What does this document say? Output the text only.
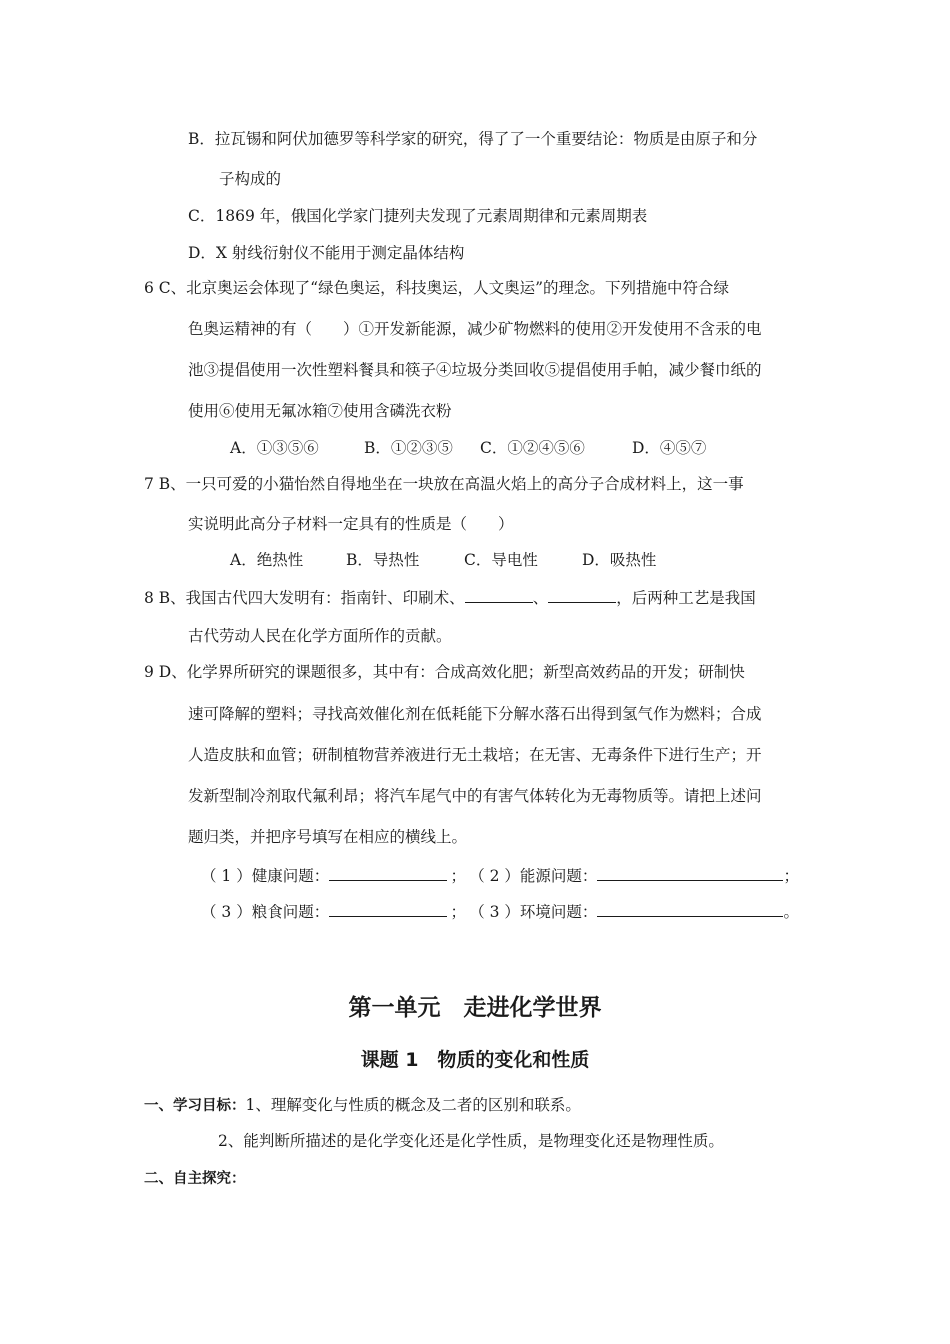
B．拉瓦锡和阿伏加德罗等科学家的研究，得了了一个重要结论：物质是由原子和分
子构成的
C．1869 年，俄国化学家门捷列夫发现了元素周期律和元素周期表
D．X 射线衍射仪不能用于测定晶体结构
6 C、北京奥运会体现了“绿色奥运，科技奥运，人文奥运”的理念。下列措施中符合绿
色奥运精神的有（　　）①开发新能源，减少矿物燃料的使用②开发使用不含汞的电
池③提倡使用一次性塑料餐具和筷子④垃圾分类回收⑤提倡使用手帕，减少餐巾纸的
使用⑥使用无氟冰箱⑦使用含磷洗衣粉
A．①③⑤⑥	B．①②③⑤ C．①②④⑤⑥	D．④⑤⑦
7 B、一只可爱的小猫怡然自得地坐在一块放在高温火焰上的高分子合成材料上，这一事
实说明此高分子材料一定具有的性质是（　　）
A．绝热性	B．导热性	C．导电性	D．吸热性
8 B、我国古代四大发明有：指南针、印刷术、	、	，后两种工艺是我国
古代劳动人民在化学方面所作的贡献。
9 D、化学界所研究的课题很多，其中有：合成高效化肥；新型高效药品的开发；研制快
速可降解的塑料；寻找高效催化剂在低耗能下分解水落石出得到氢气作为燃料；合成
人造皮肤和血管；研制植物营养液进行无土栽培；在无害、无毒条件下进行生产；开
发新型制冷剂取代氟利昂；将汽车尾气中的有害气体转化为无毒物质等。请把上述问
题归类，并把序号填写在相应的横线上。
（ 1 ）健康问题：	； （ 2 ）能源问题：	；
（ 3 ）粮食问题：	； （ 3 ）环境问题：	。
第一单元　走进化学世界
课题 1　物质的变化和性质
一、学习目标：1、理解变化与性质的概念及二者的区别和联系。
2、能判断所描述的是化学变化还是化学性质，是物理变化还是物理性质。
二、自主探究：
